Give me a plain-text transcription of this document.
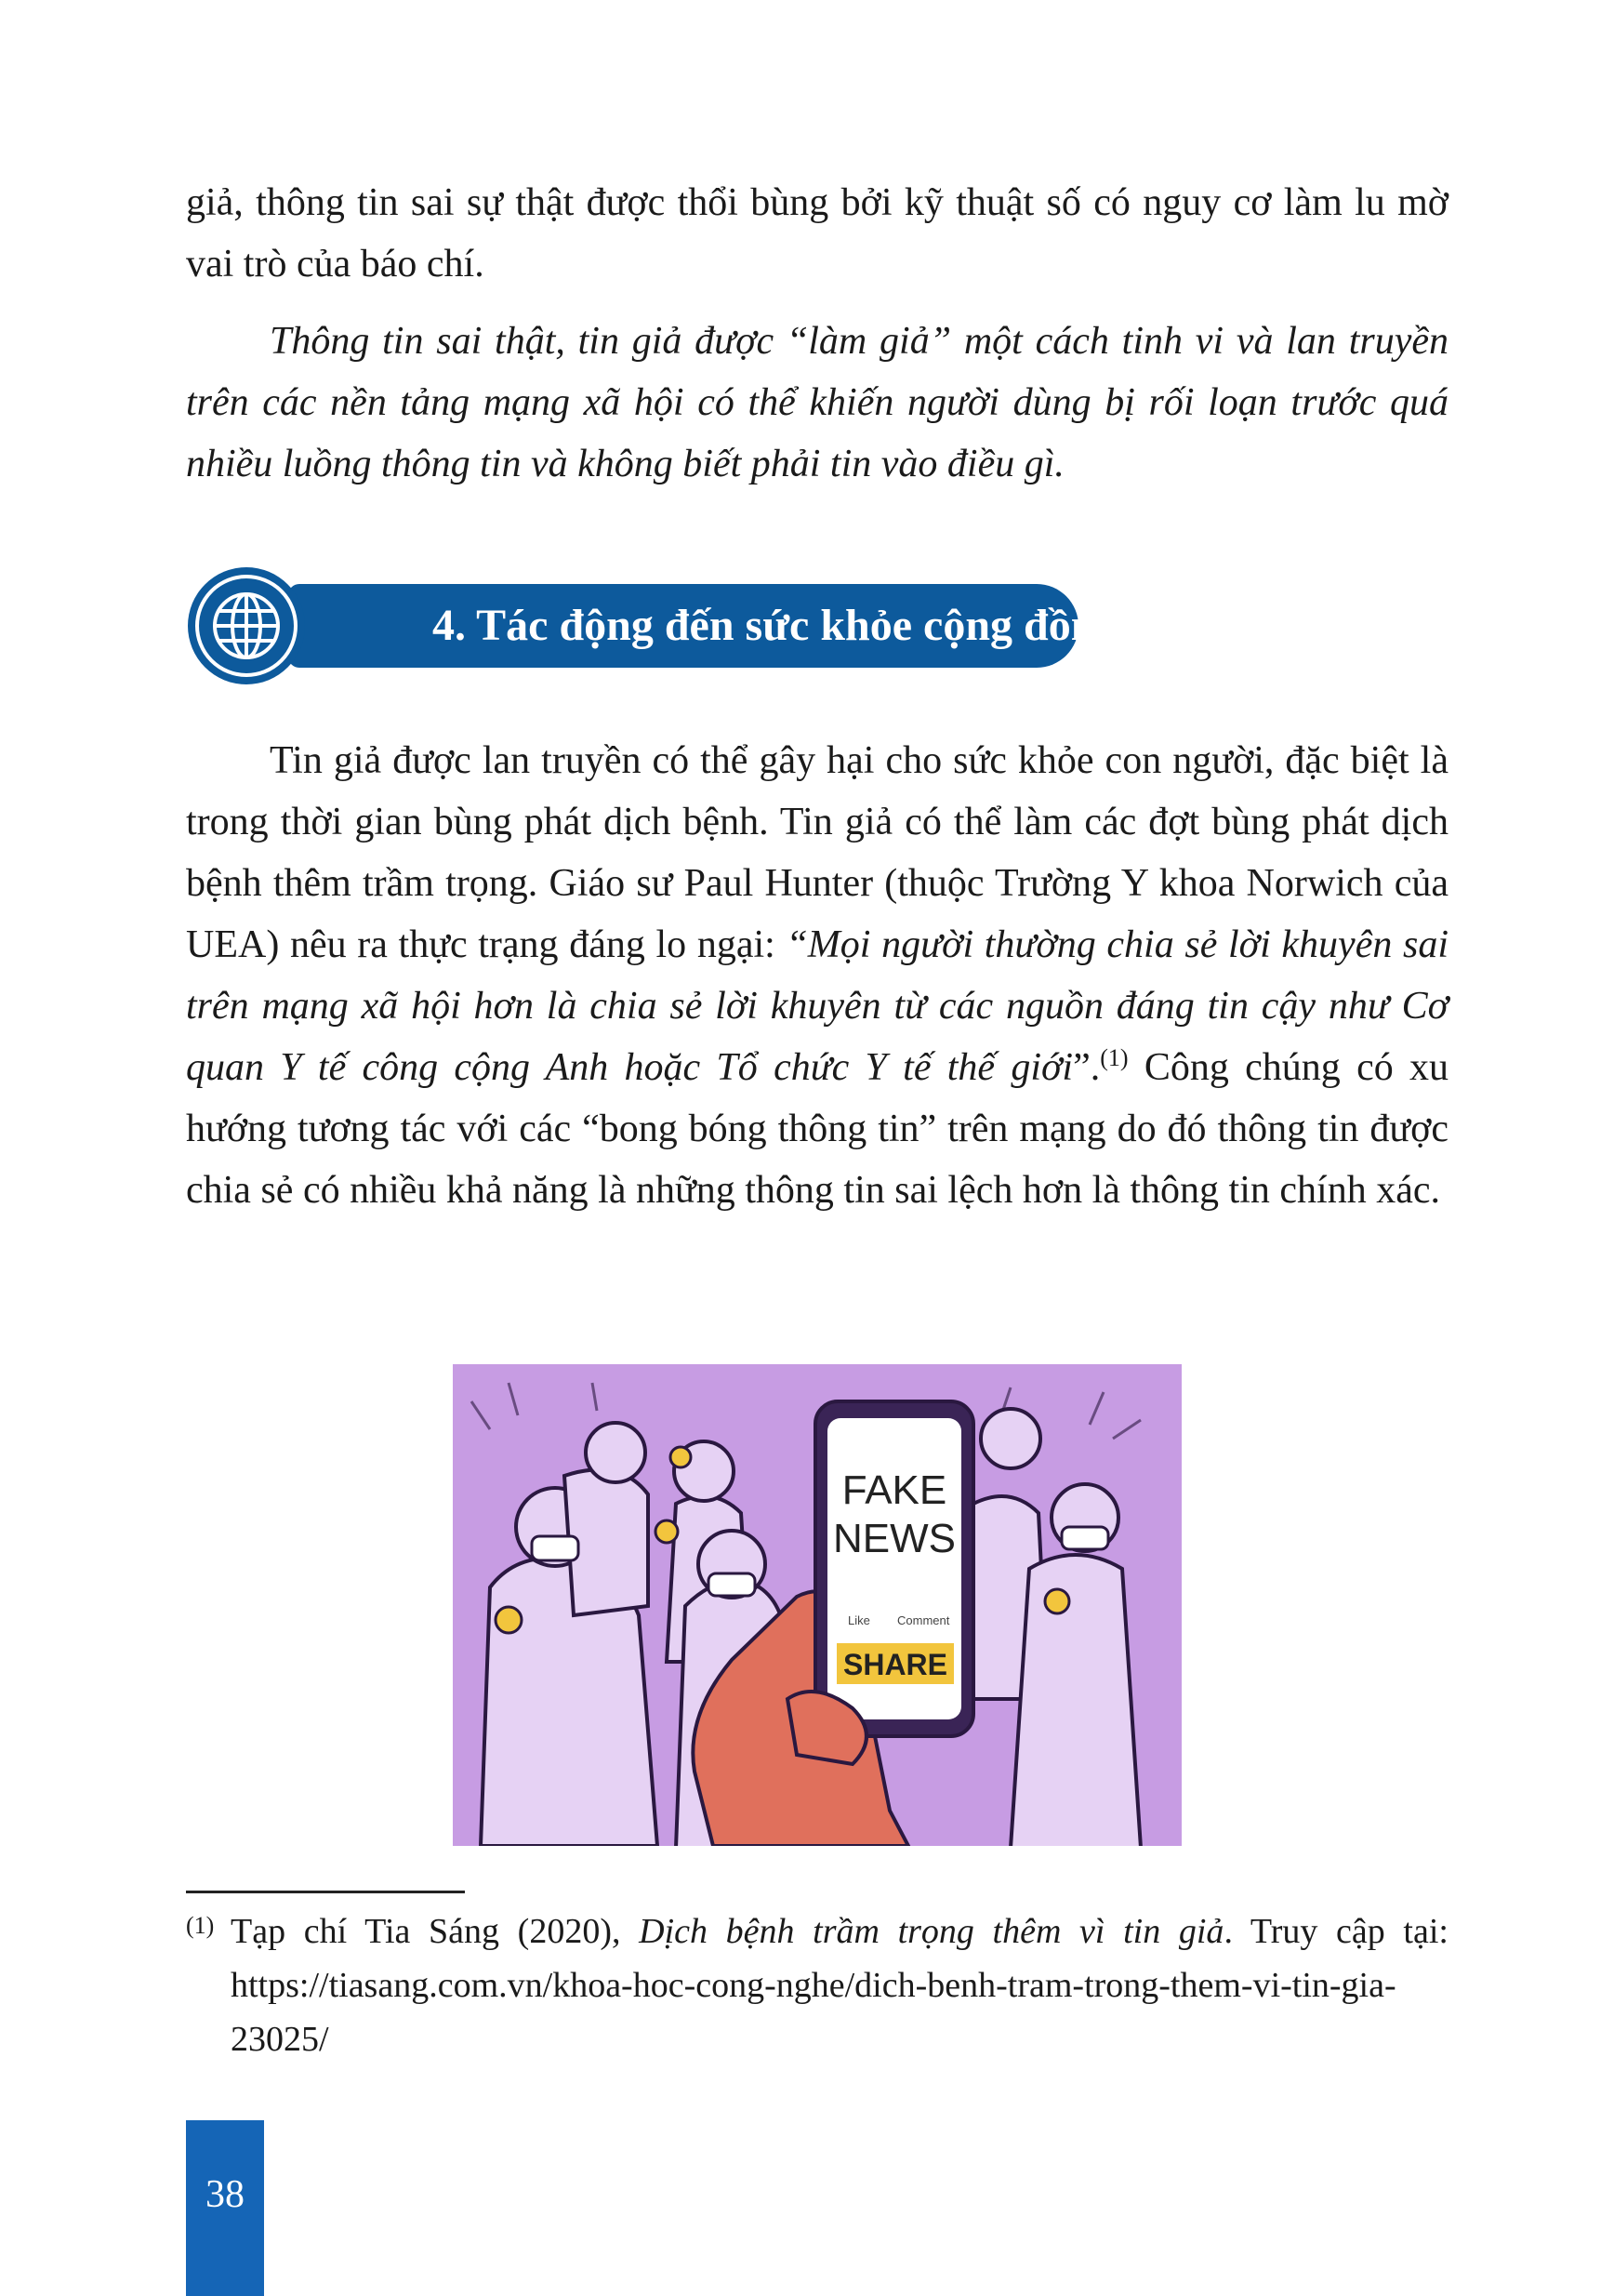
giả, thông tin sai sự thật được thổi bùng bởi kỹ thuật số có nguy cơ làm lu mờ vai trò của báo chí.

Thông tin sai thật, tin giả được “làm giả” một cách tinh vi và lan truyền trên các nền tảng mạng xã hội có thể khiến người dùng bị rối loạn trước quá nhiều luồng thông tin và không biết phải tin vào điều gì.

4. Tác động đến sức khỏe cộng đồng

Tin giả được lan truyền có thể gây hại cho sức khỏe con người, đặc biệt là trong thời gian bùng phát dịch bệnh. Tin giả có thể làm các đợt bùng phát dịch bệnh thêm trầm trọng. Giáo sư Paul Hunter (thuộc Trường Y khoa Norwich của UEA) nêu ra thực trạng đáng lo ngại: “Mọi người thường chia sẻ lời khuyên sai trên mạng xã hội hơn là chia sẻ lời khuyên từ các nguồn đáng tin cậy như Cơ quan Y tế công cộng Anh hoặc Tổ chức Y tế thế giới”.$^{(1)}$ Công chúng có xu hướng tương tác với các “bong bóng thông tin” trên mạng do đó thông tin được chia sẻ có nhiều khả năng là những thông tin sai lệch hơn là thông tin chính xác.

FAKE
NEWS
Like Comment
SHARE
(1) Tạp chí Tia Sáng (2020), Dịch bệnh trầm trọng thêm vì tin giả. Truy cập tại: https://tiasang.com.vn/khoa-hoc-cong-nghe/dich-benh-tram-trong-them-vi-tin-gia-23025/
38
